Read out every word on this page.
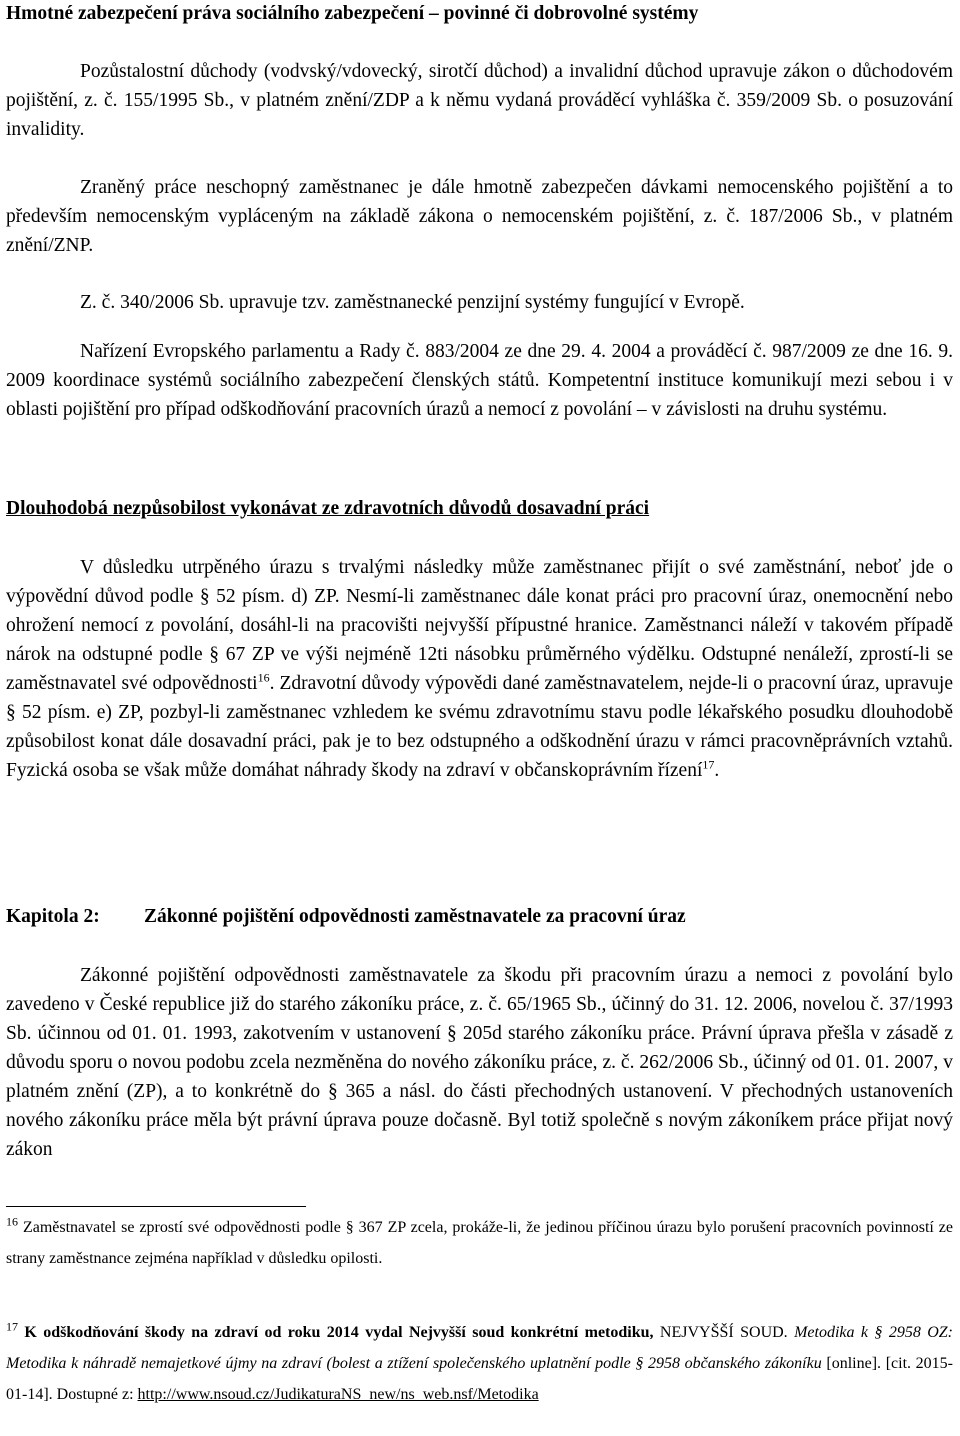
Hmotné zabezpečení práva sociálního zabezpečení – povinné či dobrovolné systémy

Pozůstalostní důchody (vodvský/vdovecký, sirotčí důchod) a invalidní důchod upravuje zákon o důchodovém pojištění, z. č. 155/1995 Sb., v platném znění/ZDP a k němu vydaná prováděcí vyhláška č. 359/2009 Sb. o posuzování invalidity.

Zraněný práce neschopný zaměstnanec je dále hmotně zabezpečen dávkami nemocenského pojištění a to především nemocenským vypláceným na základě zákona o nemocenském pojištění, z. č. 187/2006 Sb., v platném znění/ZNP.

Z. č. 340/2006 Sb. upravuje tzv. zaměstnanecké penzijní systémy fungující v Evropě.

Nařízení Evropského parlamentu a Rady č. 883/2004 ze dne 29. 4. 2004 a prováděcí č. 987/2009 ze dne 16. 9. 2009 koordinace systémů sociálního zabezpečení členských států. Kompetentní instituce komunikují mezi sebou i v oblasti pojištění pro případ odškodňování pracovních úrazů a nemocí z povolání – v závislosti na druhu systému.

Dlouhodobá nezpůsobilost vykonávat ze zdravotních důvodů dosavadní práci

V důsledku utrpěného úrazu s trvalými následky může zaměstnanec přijít o své zaměstnání, neboť jde o výpovědní důvod podle § 52 písm. d) ZP. Nesmí-li zaměstnanec dále konat práci pro pracovní úraz, onemocnění nebo ohrožení nemocí z povolání, dosáhl-li na pracovišti nejvyšší přípustné hranice. Zaměstnanci náleží v takovém případě nárok na odstupné podle § 67 ZP ve výši nejméně 12ti násobku průměrného výdělku. Odstupné nenáleží, zprostí-li se zaměstnavatel své odpovědnosti$^{16}$. Zdravotní důvody výpovědi dané zaměstnavatelem, nejde-li o pracovní úraz, upravuje § 52 písm. e) ZP, pozbyl-li zaměstnanec vzhledem ke svému zdravotnímu stavu podle lékařského posudku dlouhodobě způsobilost konat dále dosavadní práci, pak je to bez odstupného a odškodnění úrazu v rámci pracovněprávních vztahů. Fyzická osoba se však může domáhat náhrady škody na zdraví v občanskoprávním řízení$^{17}$.

Kapitola 2: Zákonné pojištění odpovědnosti zaměstnavatele za pracovní úraz

Zákonné pojištění odpovědnosti zaměstnavatele za škodu při pracovním úrazu a nemoci z povolání bylo zavedeno v České republice již do starého zákoníku práce, z. č. 65/1965 Sb., účinný do 31. 12. 2006, novelou č. 37/1993 Sb. účinnou od 01. 01. 1993, zakotvením v ustanovení § 205d starého zákoníku práce. Právní úprava přešla v zásadě z důvodu sporu o novou podobu zcela nezměněna do nového zákoníku práce, z. č. 262/2006 Sb., účinný od 01. 01. 2007, v platném znění (ZP), a to konkrétně do § 365 a násl. do části přechodných ustanovení. V přechodných ustanoveních nového zákoníku práce měla být právní úprava pouze dočasně. Byl totiž společně s novým zákoníkem práce přijat nový zákon

$^{16}$ Zaměstnavatel se zprostí své odpovědnosti podle § 367 ZP zcela, prokáže-li, že jedinou příčinou úrazu bylo porušení pracovních povinností ze strany zaměstnance zejména například v důsledku opilosti.

$^{17}$ K odškodňování škody na zdraví od roku 2014 vydal Nejvyšší soud konkrétní metodiku, NEJVYŠŠÍ SOUD. Metodika k § 2958 OZ: Metodika k náhradě nemajetkové újmy na zdraví (bolest a ztížení společenského uplatnění podle § 2958 občanského zákoníku [online]. [cit. 2015-01-14]. Dostupné z: http://www.nsoud.cz/JudikaturaNS_new/ns_web.nsf/Metodika
